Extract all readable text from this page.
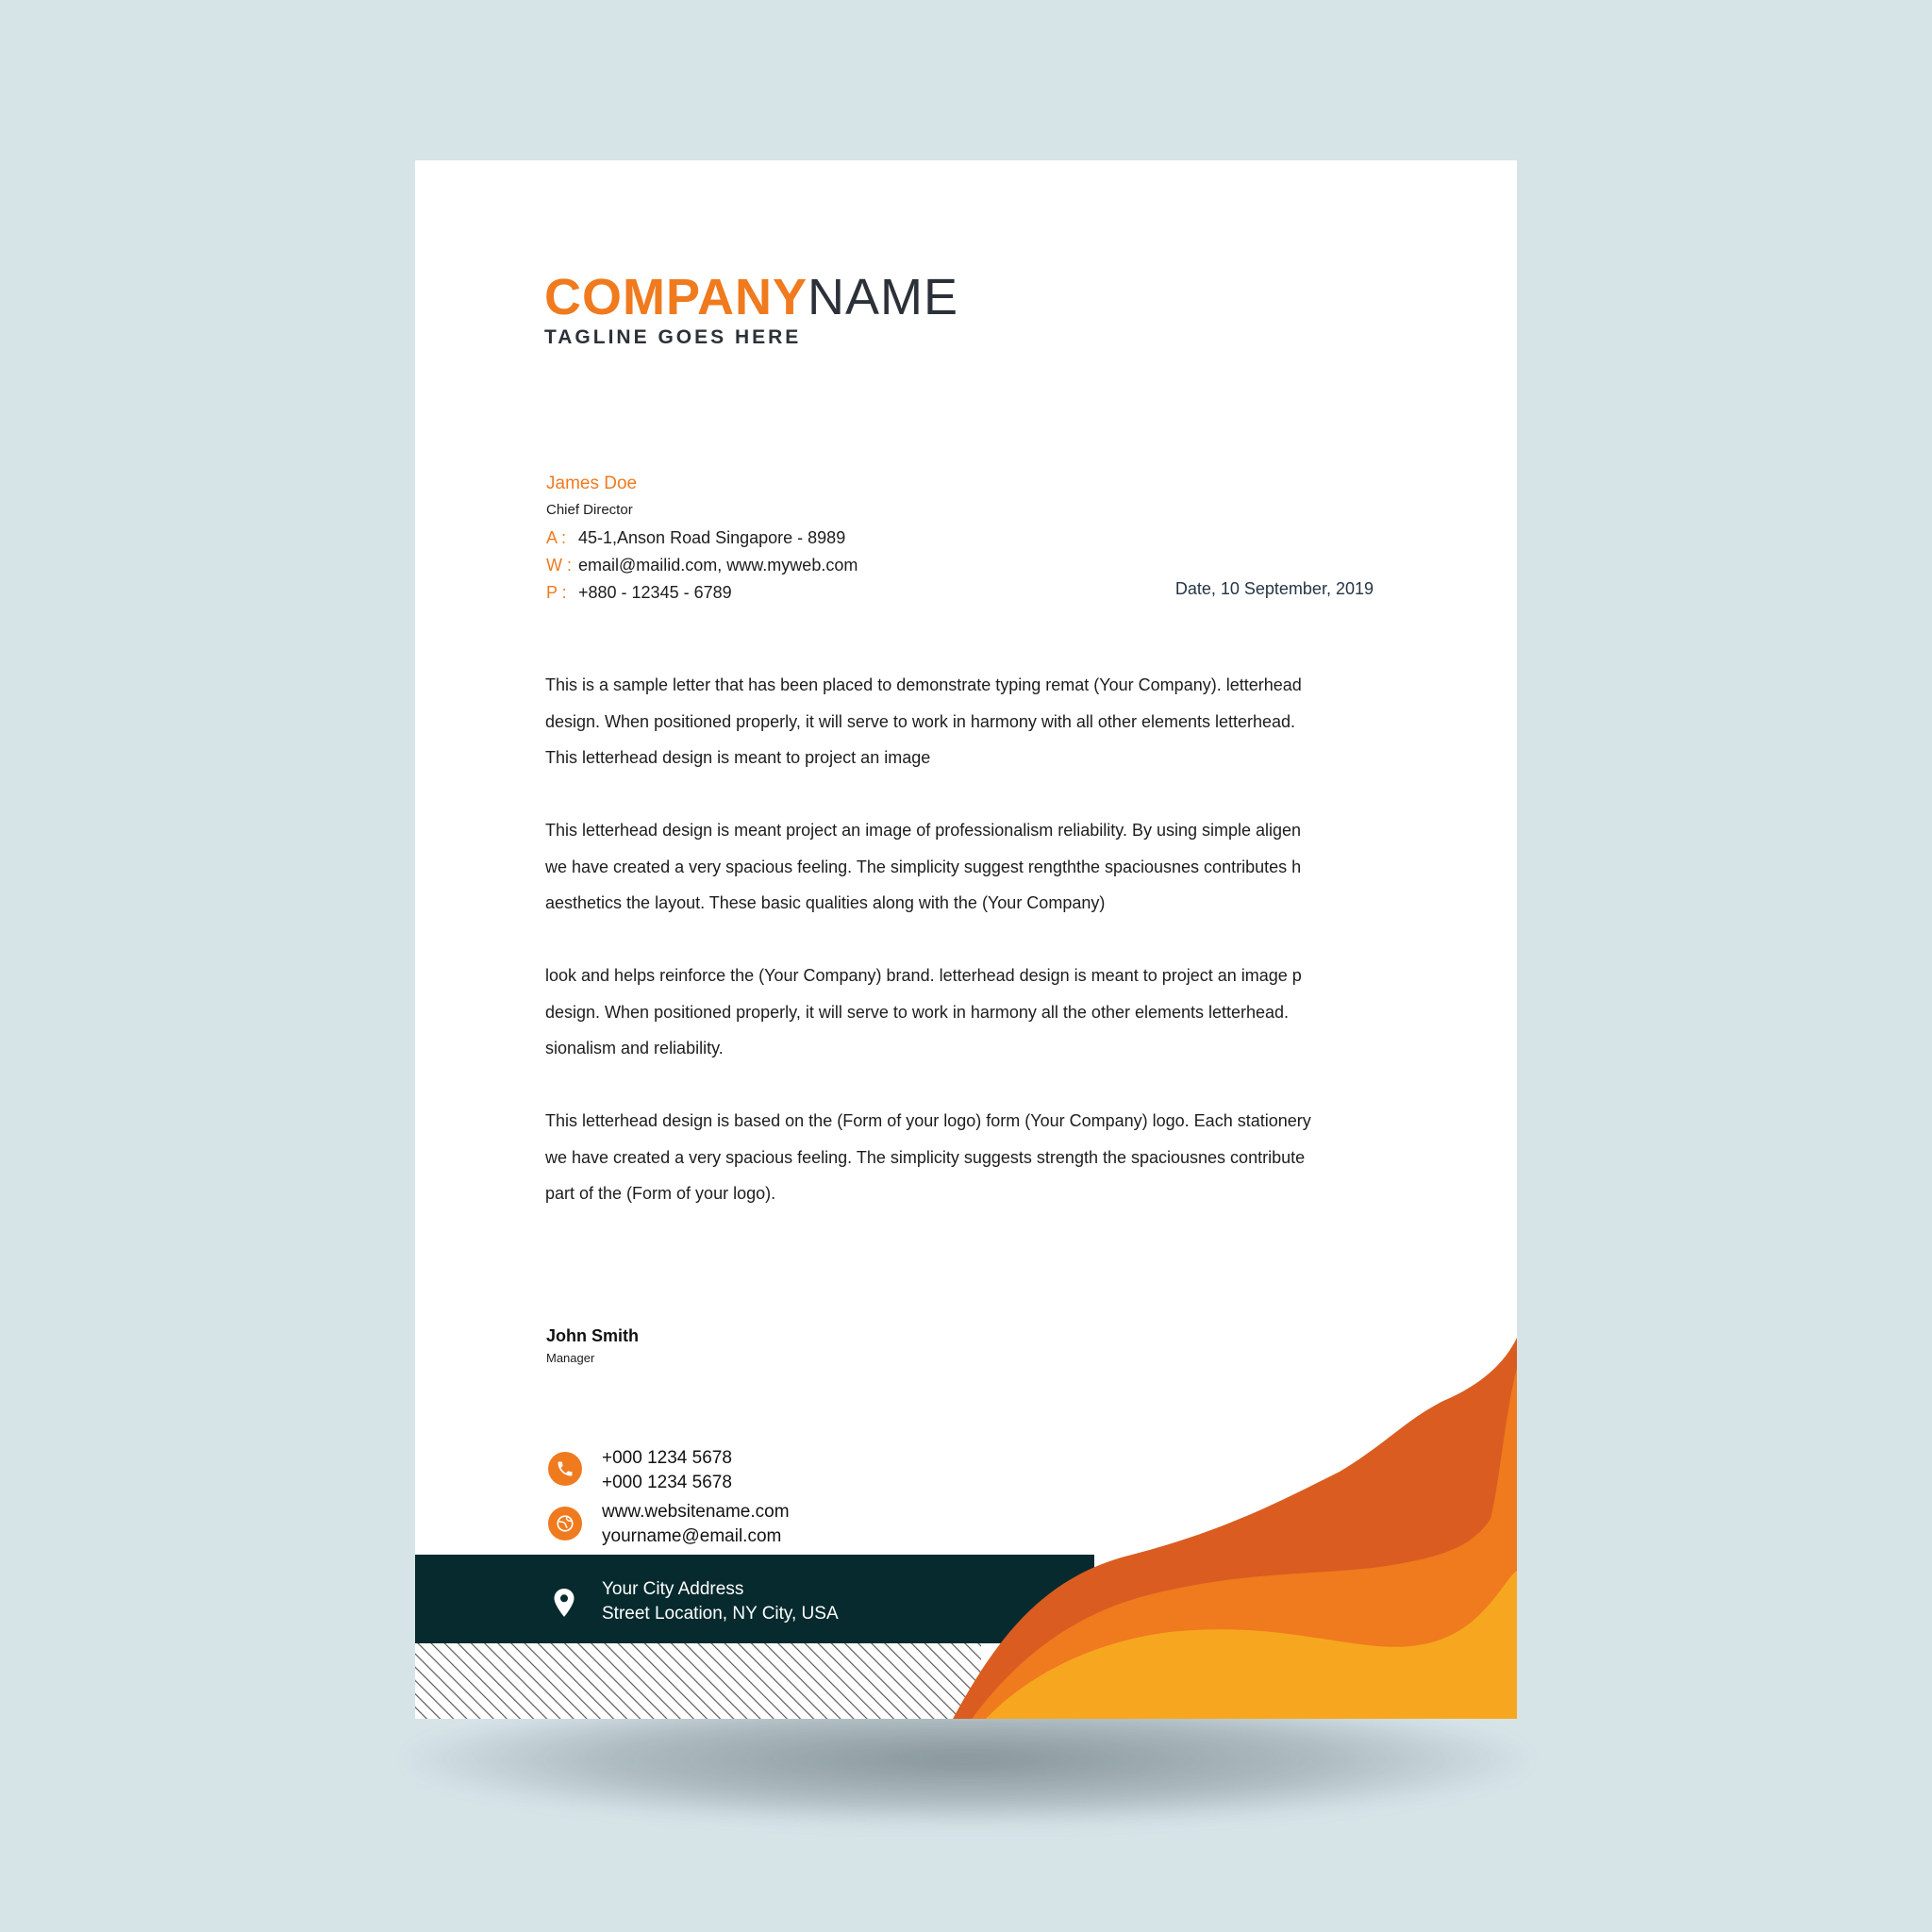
COMPANYNAME
TAGLINE GOES HERE
James Doe
Chief Director
A : 45-1,Anson Road Singapore - 8989
W : email@mailid.com, www.myweb.com
P : +880 - 12345 - 6789	Date, 10 September, 2019
This is a sample letter that has been placed to demonstrate typing remat (Your Company). letterhead
design. When positioned properly, it will serve to work in harmony with all other elements letterhead.
This letterhead design is meant to project an image
This letterhead design is meant project an image of professionalism reliability. By using simple aligen
we have created a very spacious feeling. The simplicity suggest rengththe spaciousnes contributes h
aesthetics the layout. These basic qualities along with the (Your Company)
look and helps reinforce the (Your Company) brand. letterhead design is meant to project an image p
design. When positioned properly, it will serve to work in harmony all the other elements letterhead.
sionalism and reliability.
This letterhead design is based on the (Form of your logo) form (Your Company) logo. Each stationery
we have created a very spacious feeling. The simplicity suggests strength the spaciousnes contribute
part of the (Form of your logo).
John Smith
Manager
+000 1234 5678
+000 1234 5678
www.websitename.com
yourname@email.com
Your City Address
Street Location, NY City, USA
